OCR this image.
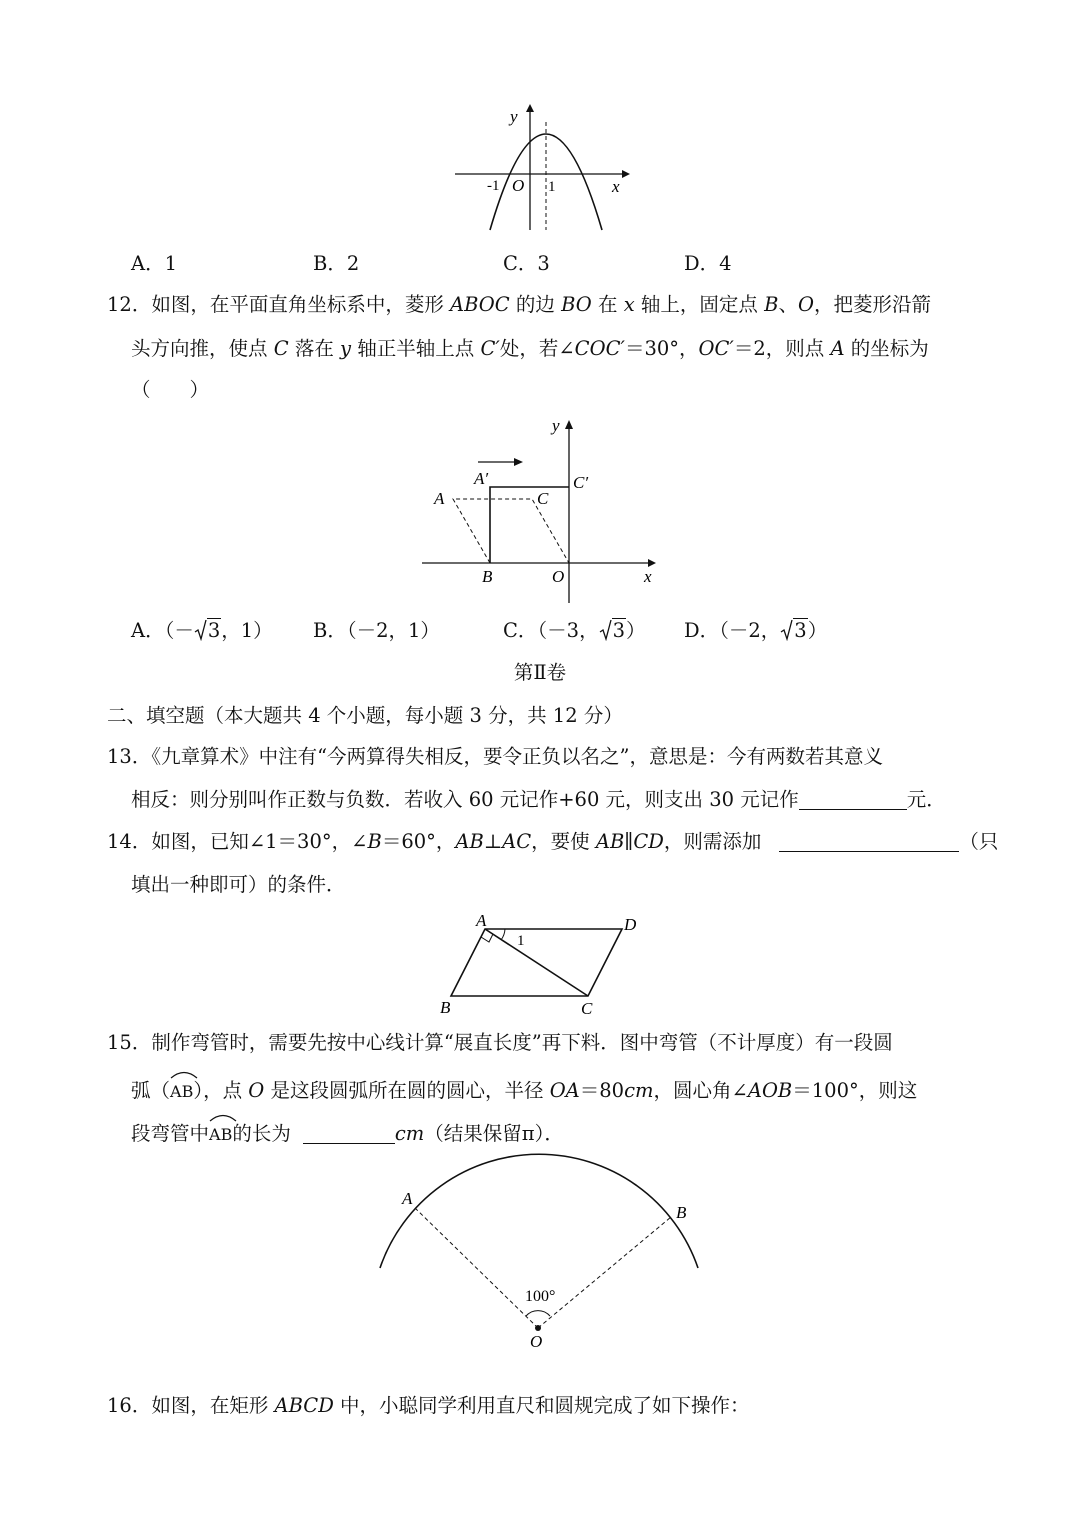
y
x
-1 O 1
A．1	B．2	C．3	D．4
12．如图，在平面直角坐标系中，菱形 ABOC 的边 BO 在 x 轴上，固定点 B、O，把菱形沿箭
头方向推，使点 C 落在 y 轴正半轴上点 C′处，若∠COC′＝30°，OC′＝2，则点 A 的坐标为
（　　）
y
x
A′
A	C
C′
B	O
A．（－ 3，1） B．（－2，1）	C．（－3， 3） D．（－2， 3）
第Ⅱ卷
二、填空题（本大题共 4 个小题，每小题 3 分，共 12 分）
13．《九章算术》中注有“今两算得失相反，要令正负以名之”，意思是：今有两数若其意义
相反：则分别叫作正数与负数．若收入 60 元记作+60 元，则支出 30 元记作	元．
14．如图，已知∠1＝30°，∠B＝60°，AB⊥AC，要使 AB∥CD，则需添加	（只
填出一种即可）的条件．
A	D
1
B	C
15．制作弯管时，需要先按中心线计算“展直长度”再下料．图中弯管（不计厚度）有一段圆
弧（
AB），点 O 是这段圆弧所在圆的圆心，半径 OA＝80cm，圆心角∠AOB＝100°，则这
段弯管中
AB的长为	cm（结果保留π）．
A
B
100°
O
16．如图，在矩形 ABCD 中，小聪同学利用直尺和圆规完成了如下操作：
